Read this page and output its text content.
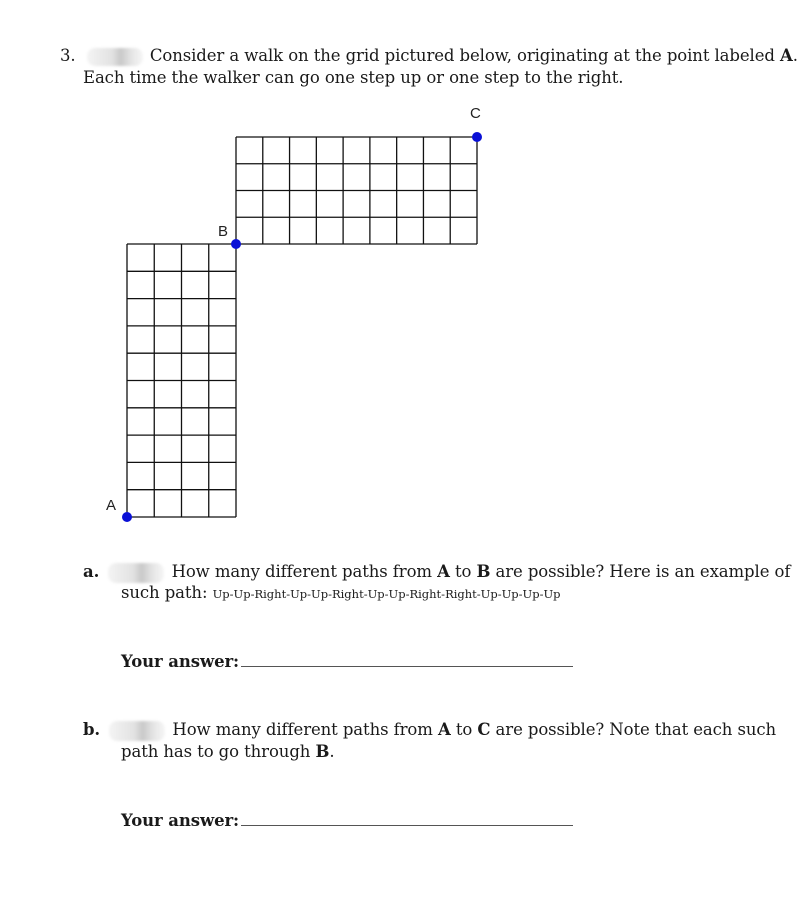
3.	Consider a walk on the grid pictured below, originating at the point labeled A.
Each time the walker can go one step up or one step to the right.
A
B
C
a.	How many different paths from A to B are possible? Here is an example of
such path: Up-Up-Right-Up-Up-Right-Up-Up-Right-Right-Up-Up-Up-Up
Your answer:
b.	How many different paths from A to C are possible? Note that each such
path has to go through B.
Your answer:
